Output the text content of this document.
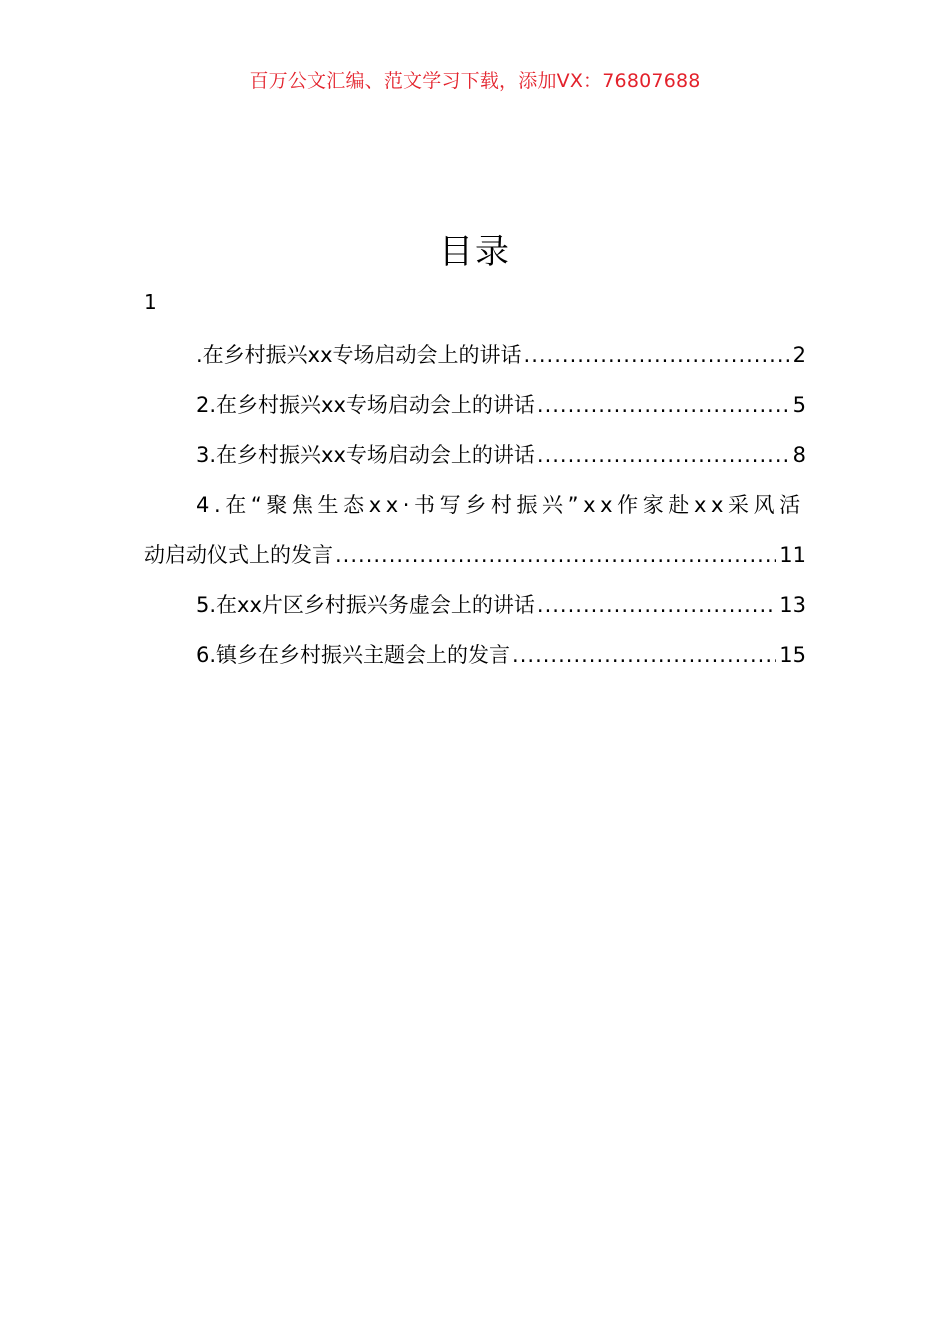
百万公文汇编、范文学习下载，添加VX：76807688
目录
1
.在乡村振兴xx专场启动会上的讲话 .....	2
2.在乡村振兴xx专场启动会上的讲话 .....	5
3.在乡村振兴xx专场启动会上的讲话 .....	8
4.在“聚焦生态xx·书写乡村振兴”xx作家赴xx采风活
动启动仪式上的发言 .....	11
5.在xx片区乡村振兴务虚会上的讲话 .....	13
6.镇乡在乡村振兴主题会上的发言 .....	15
